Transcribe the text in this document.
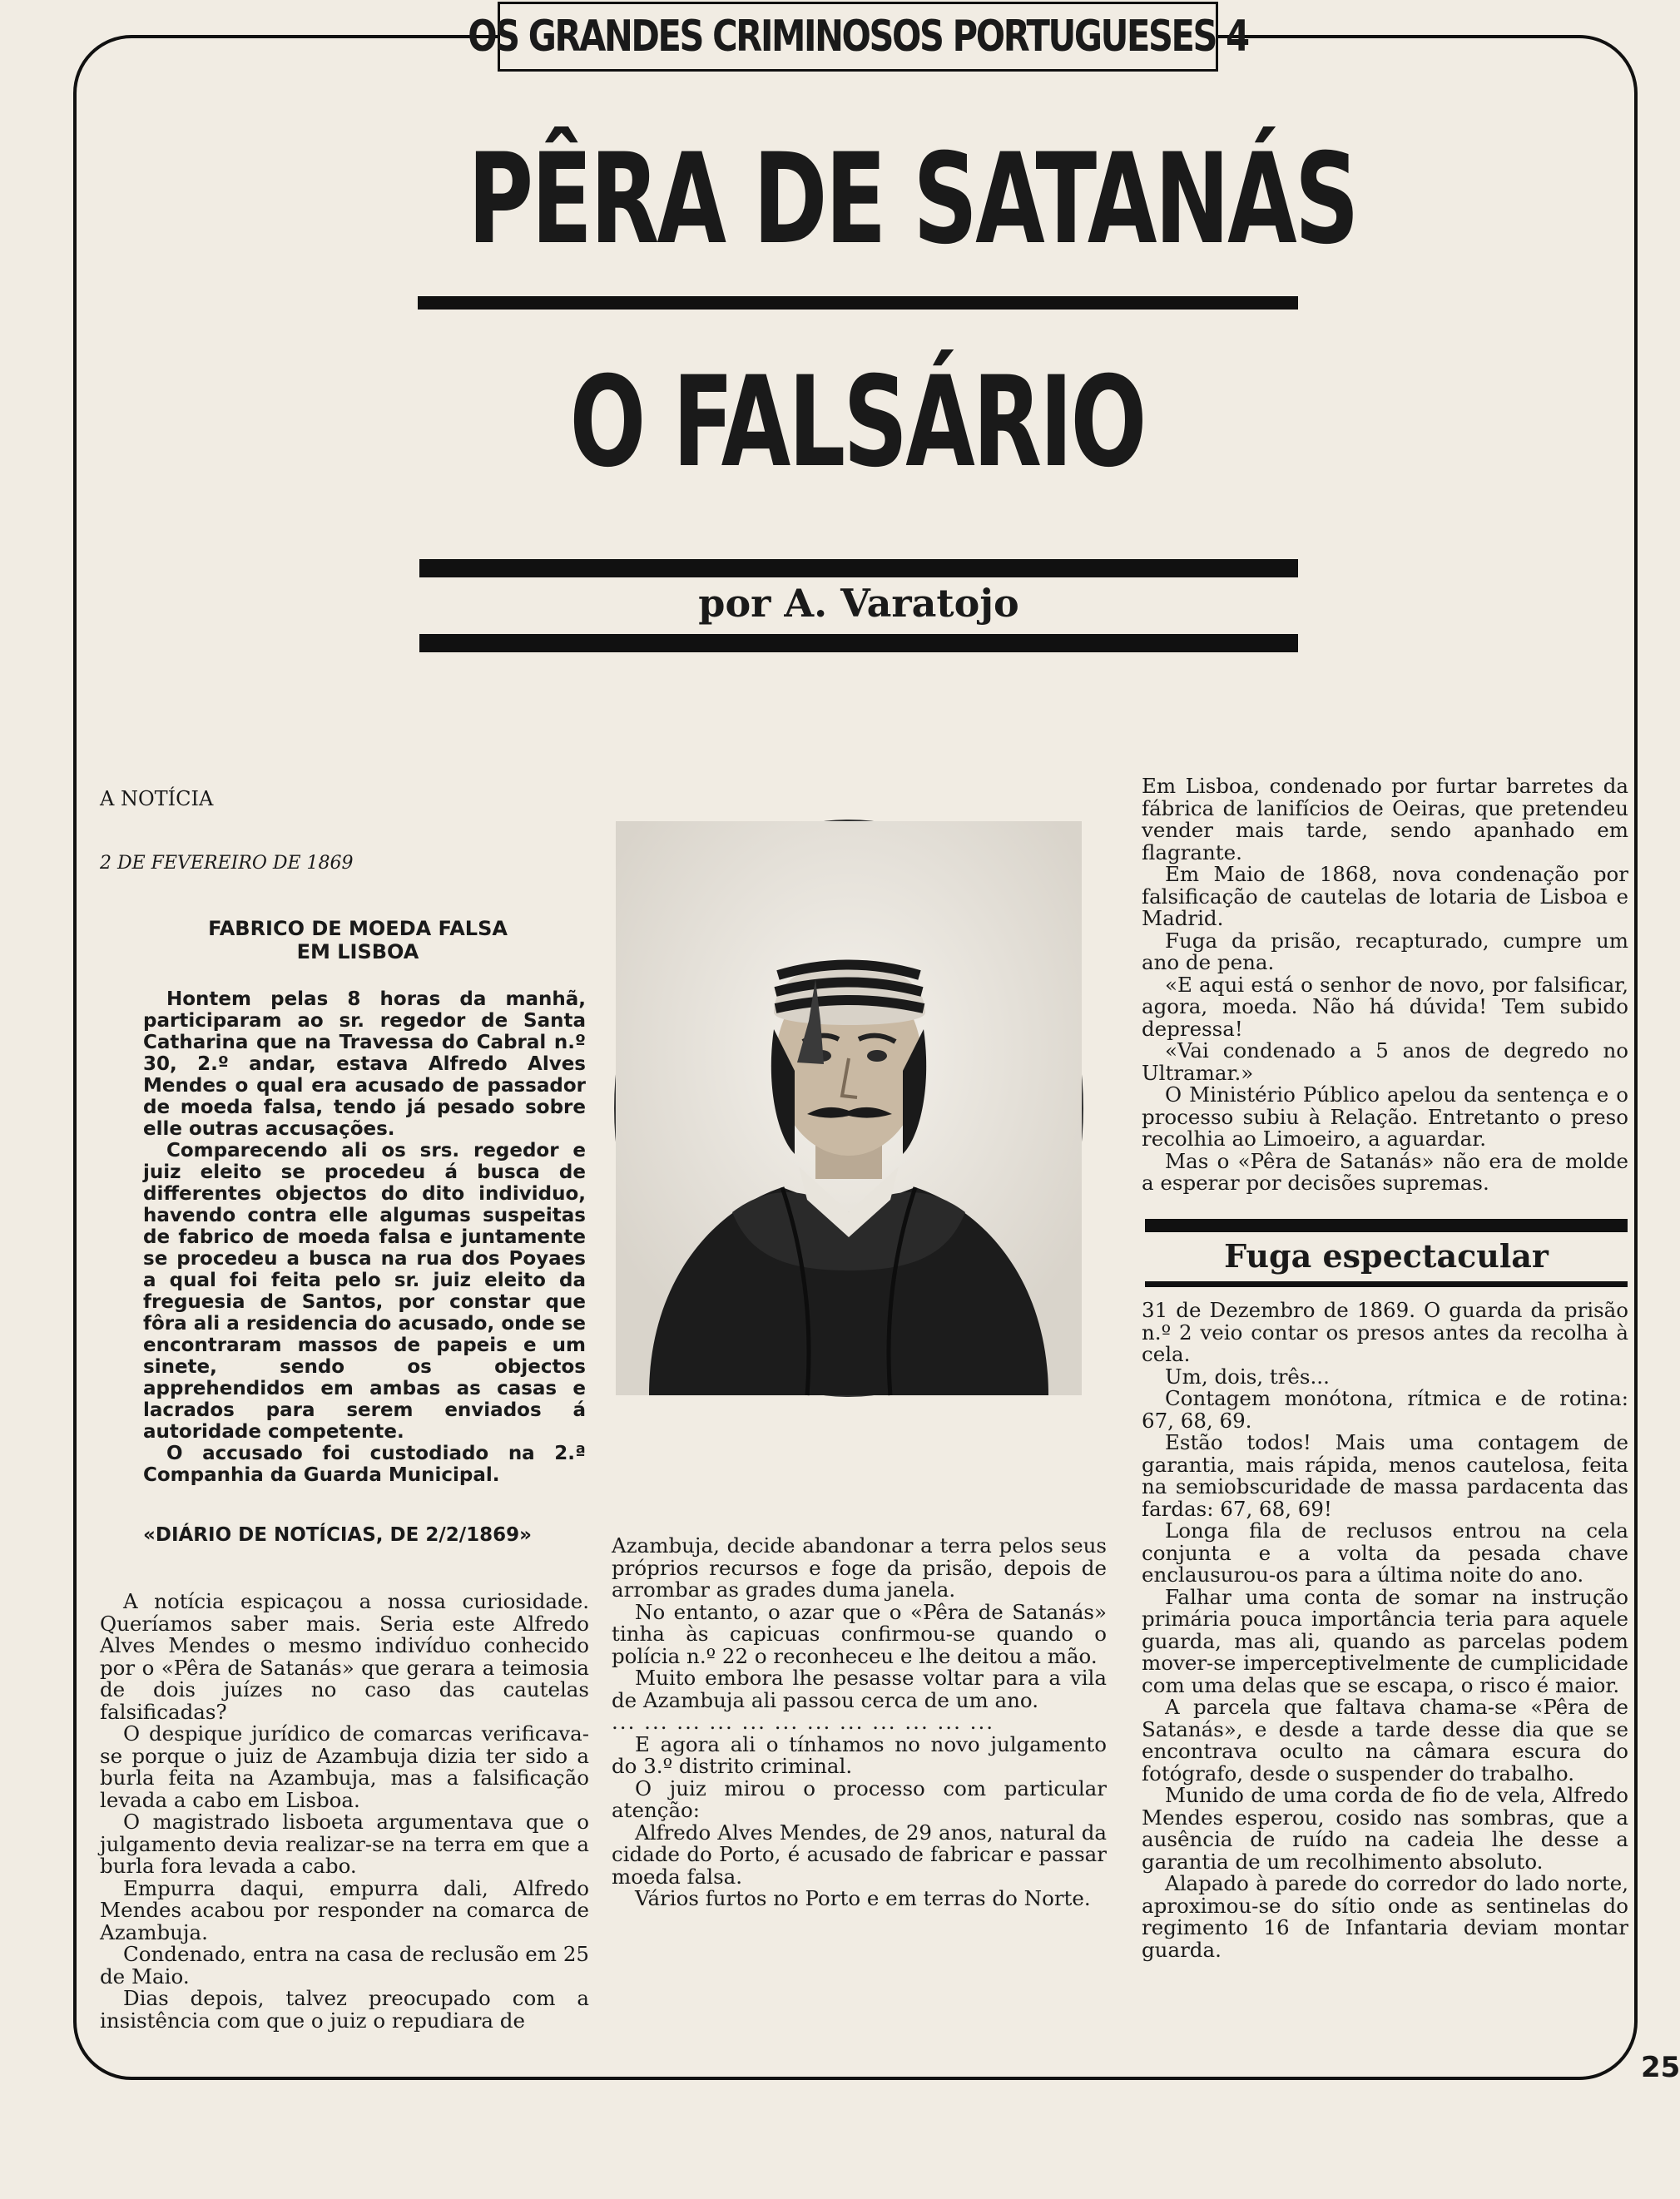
OS GRANDES CRIMINOSOS PORTUGUESES 4
PÊRA DE SATANÁS
O FALSÁRIO
por A. Varatojo
A NOTÍCIA
2 DE FEVEREIRO DE 1869
FABRICO DE MOEDA FALSA
EM LISBOA

Hontem pelas 8 horas da manhã, participaram ao sr. regedor de Santa Catharina que na Travessa do Cabral n.º 30, 2.º andar, estava Alfredo Alves Mendes o qual era acusado de passador de moeda falsa, tendo já pesado sobre elle outras accusações.

Comparecendo ali os srs. regedor e juiz eleito se procedeu á busca de differentes objectos do dito individuo, havendo contra elle algumas suspeitas de fabrico de moeda falsa e juntamente se procedeu a busca na rua dos Poyaes a qual foi feita pelo sr. juiz eleito da freguesia de Santos, por constar que fôra ali a residencia do acusado, onde se encontraram massos de papeis e um sinete, sendo os objectos apprehendidos em ambas as casas e lacrados para serem enviados á autoridade competente.

O accusado foi custodiado na 2.ª Companhia da Guarda Municipal.

«DIÁRIO DE NOTÍCIAS, DE 2/2/1869»

A notícia espicaçou a nossa curiosidade. Queríamos saber mais. Seria este Alfredo Alves Mendes o mesmo indivíduo conhecido por o «Pêra de Satanás» que gerara a teimosia de dois juízes no caso das cautelas falsificadas?

O despique jurídico de comarcas verificava-se porque o juiz de Azambuja dizia ter sido a burla feita na Azambuja, mas a falsificação levada a cabo em Lisboa.

O magistrado lisboeta argumentava que o julgamento devia realizar-se na terra em que a burla fora levada a cabo.

Empurra daqui, empurra dali, Alfredo Mendes acabou por responder na comarca de Azambuja.

Condenado, entra na casa de reclusão em 25 de Maio.

Dias depois, talvez preocupado com a insistência com que o juiz o repudiara de

Azambuja, decide abandonar a terra pelos seus próprios recursos e foge da prisão, depois de arrombar as grades duma janela.

No entanto, o azar que o «Pêra de Satanás» tinha às capicuas confirmou-se quando o polícia n.º 22 o reconheceu e lhe deitou a mão.

Muito embora lhe pesasse voltar para a vila de Azambuja ali passou cerca de um ano.

... ... ... ... ... ... ... ... ... ... ... ...

E agora ali o tínhamos no novo julgamento do 3.º distrito criminal.

O juiz mirou o processo com particular atenção:

Alfredo Alves Mendes, de 29 anos, natural da cidade do Porto, é acusado de fabricar e passar moeda falsa.

Vários furtos no Porto e em terras do Norte.

Em Lisboa, condenado por furtar barretes da fábrica de lanifícios de Oeiras, que pretendeu vender mais tarde, sendo apanhado em flagrante.

Em Maio de 1868, nova condenação por falsificação de cautelas de lotaria de Lisboa e Madrid.

Fuga da prisão, recapturado, cumpre um ano de pena.

«E aqui está o senhor de novo, por falsificar, agora, moeda. Não há dúvida! Tem subido depressa!

«Vai condenado a 5 anos de degredo no Ultramar.»

O Ministério Público apelou da sentença e o processo subiu à Relação. Entretanto o preso recolhia ao Limoeiro, a aguardar.

Mas o «Pêra de Satanás» não era de molde a esperar por decisões supremas.

Fuga espectacular

31 de Dezembro de 1869. O guarda da prisão n.º 2 veio contar os presos antes da recolha à cela.

Um, dois, três...

Contagem monótona, rítmica e de rotina: 67, 68, 69.

Estão todos! Mais uma contagem de garantia, mais rápida, menos cautelosa, feita na semiobscuridade de massa pardacenta das fardas: 67, 68, 69!

Longa fila de reclusos entrou na cela conjunta e a volta da pesada chave enclausurou-os para a última noite do ano.

Falhar uma conta de somar na instrução primária pouca importância teria para aquele guarda, mas ali, quando as parcelas podem mover-se imperceptivelmente de cumplicidade com uma delas que se escapa, o risco é maior.

A parcela que faltava chama-se «Pêra de Satanás», e desde a tarde desse dia que se encontrava oculto na câmara escura do fotógrafo, desde o suspender do trabalho.

Munido de uma corda de fio de vela, Alfredo Mendes esperou, cosido nas sombras, que a ausência de ruído na cadeia lhe desse a garantia de um recolhimento absoluto.

Alapado à parede do corredor do lado norte, aproximou-se do sítio onde as sentinelas do regimento 16 de Infantaria deviam montar guarda.

25
